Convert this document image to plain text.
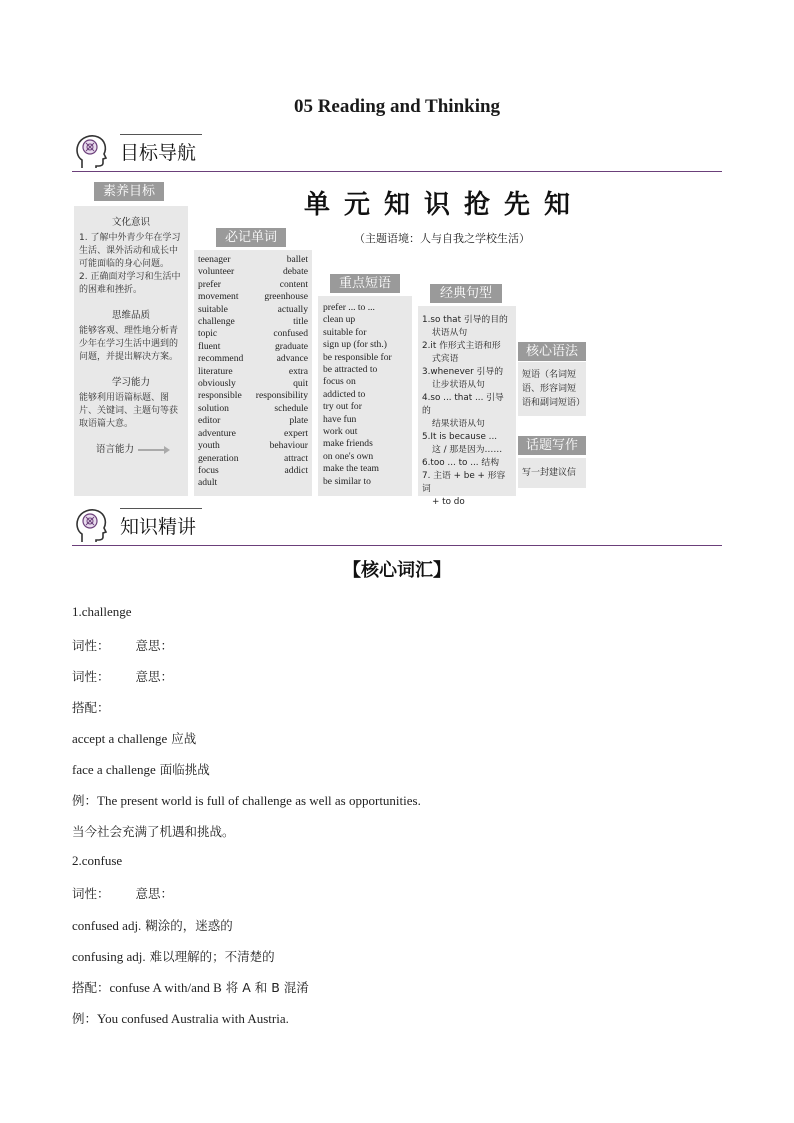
05 Reading and Thinking
目标导航
单元知识抢先知
（主题语境：人与自我之学校生活）
素养目标
文化意识
1. 了解中外青少年在学习生活、课外活动和成长中可能面临的身心问题。
2. 正确面对学习和生活中的困难和挫折。
思维品质
能够客观、理性地分析青少年在学习生活中遇到的问题，并提出解决方案。
学习能力
能够利用语篇标题、图片、关键词、主题句等获取语篇大意。
语言能力
必记单词
teenager	ballet
volunteer	debate
prefer	content
movement	greenhouse
suitable	actually
challenge	title
topic	confused
fluent	graduate
recommend	advance
literature	extra
obviously	quit
responsible	responsibility
solution	schedule
editor	plate
adventure	expert
youth	behaviour
generation	attract
focus	addict
adult
重点短语
prefer ... to ...
clean up
suitable for
sign up (for sth.)
be responsible for
be attracted to
focus on
addicted to
try out for
have fun
work out
make friends
on one's own
make the team
be similar to
经典句型
1.so that 引导的目的
状语从句
2.it 作形式主语和形
式宾语
3.whenever 引导的
让步状语从句
4.so ... that ... 引导的
结果状语从句
5.It is because ...
这 / 那是因为……
6.too ... to ... 结构
7. 主语 + be + 形容词
+ to do
核心语法
短语（名词短语、形容词短语和副词短语）
话题写作
写一封建议信
知识精讲
【核心词汇】
1.challenge
词性： 意思：
词性： 意思：
搭配：
accept a challenge 应战
face a challenge 面临挑战
例：The present world is full of challenge as well as opportunities.
当今社会充满了机遇和挑战。
2.confuse
词性： 意思：
confused adj. 糊涂的，迷惑的
confusing adj. 难以理解的；不清楚的
搭配：confuse A with/and B 将 A 和 B 混淆
例：You confused Australia with Austria.
